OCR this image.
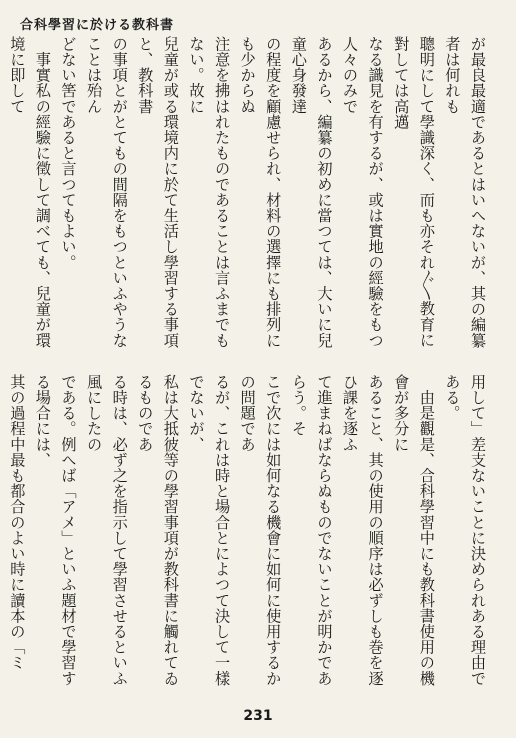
合科學習に於ける教科書
が最良最適であるとはいへないが、其の編纂者は何れも
聰明にして學識深く、而も亦それ〴〵教育に對しては高邁
なる識見を有するが、或は實地の經驗をもつ人々のみで
あるから、編纂の初めに當つては、大いに兒童心身發達
の程度を顧慮せられ、材料の選擇にも排列にも少からぬ
注意を拂はれたものであることは言ふまでもない。故に
兒童が或る環境内に於て生活し學習する事項と、教科書
の事項とがとてもの間隔をもつといふやうなことは殆ん
どない筈であると言つてもよい。
　事實私の經驗に徵して調べても、兒童が環境に即して

用して」差支ないことに決められある理由である。
　由是觀是、合科學習中にも教科書使用の機會が多分に
あること、其の使用の順序は必ずしも巻を逐ひ課を逐ふ
て進まねばならぬものでないことが明かであらう。そ
こで次には如何なる機會に如何に使用するかの問題であ
るが、これは時と場合とによつて決して一樣でないが、
私は大抵彼等の學習事項が教科書に觸れてゐるものであ
る時は、必ず之を指示して學習させるといふ風にしたの
である。例へば「アメ」といふ題材で學習する場合には、
其の過程中最も都合のよい時に讀本の「ミ

231
